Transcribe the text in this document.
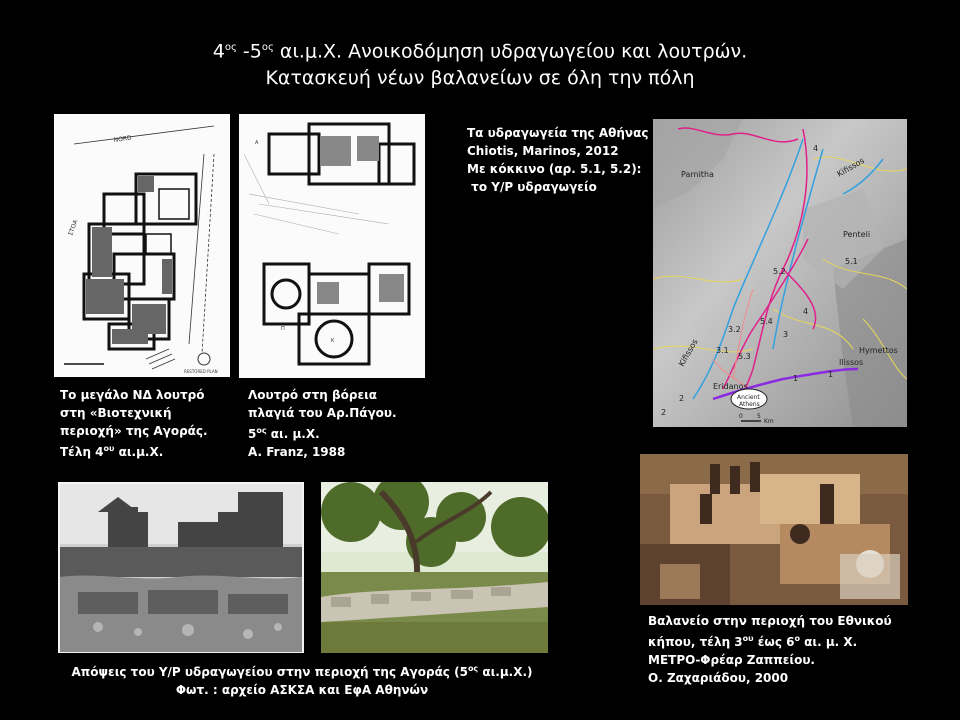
$4^{o\varsigma}$ $-5^{o\varsigma}$ αι.μ.Χ. Ανοικοδόμηση υδραγωγείου και λουτρών.
Κατασκευή νέων βαλανείων σε όλη την πόλη
NORD
ΣΤΟΑ
RESTORED PLAN
A
Π
K
Το μεγάλο ΝΔ λουτρό
στη «Βιοτεχνική
περιοχή» της Αγοράς.
Τέλη $4^{o\upsilon}$ αι.μ.Χ.
Λουτρό στη βόρεια
πλαγιά του Αρ.Πάγου.
$5^{o\varsigma}$ αι. μ.Χ.
A. Franz, 1988
Τα υδραγωγεία της Αθήνας
Chiotis, Marinos, 2012
Με κόκκινο (αρ. 5.1, 5.2):
το Υ/Ρ υδραγωγείο
Parnitha	Kifissos
Penteli
Hymettos
Kifissos	Ilissos
Eridanos
Ancient
Athens
4
5.2
5.1
3.2
3.1
5.3
5.4
3
4
1
2
1
2
0 5
Km
Βαλανείο στην περιοχή του Εθνικού
κήπου, τέλη $3^{o\upsilon}$ έως $6^o$ αι. μ. Χ.
ΜΕΤΡΟ-Φρέαρ Ζαππείου.
Ο. Ζαχαριάδου, 2000
Απόψεις του Υ/Ρ υδραγωγείου στην περιοχή της Αγοράς ($5^{o\varsigma}$ αι.μ.Χ.)
Φωτ. : αρχείο ΑΣΚΣΑ και ΕφΑ Αθηνών
